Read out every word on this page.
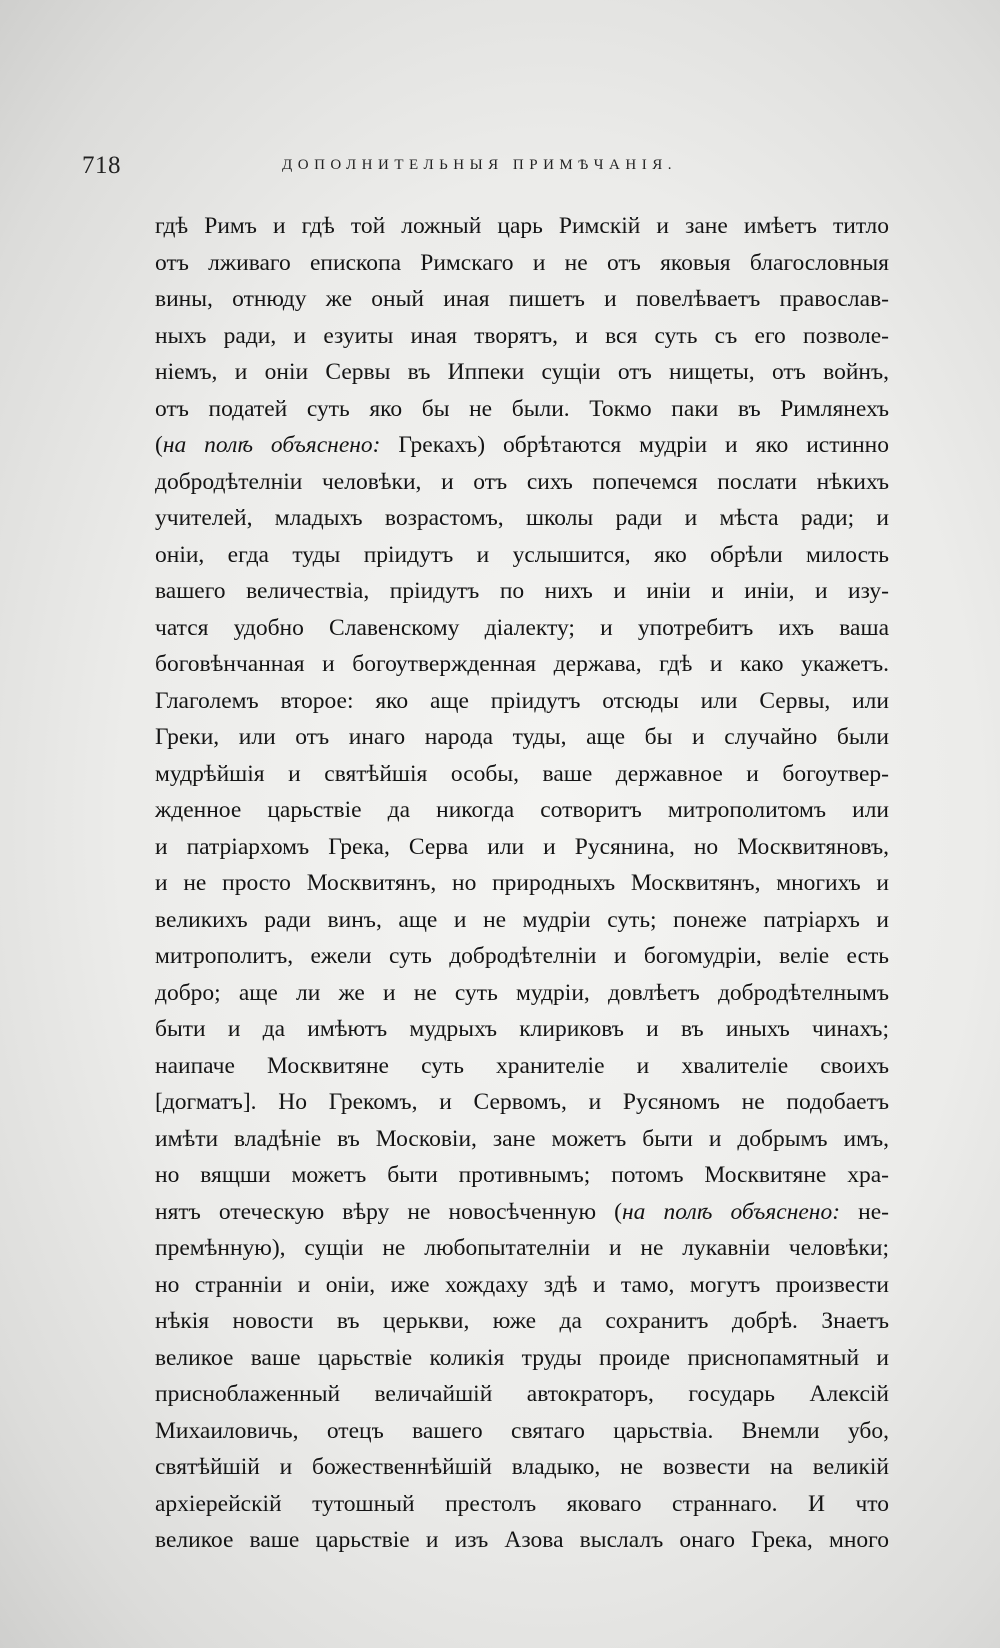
718	ДОПОЛНИТЕЛЬНЫЯ ПРИМѢЧАНІЯ.
гдѣ Римъ и гдѣ той ложный царь Римскій и зане имѣетъ титло
отъ лживаго епископа Римскаго и не отъ яковыя благословныя
вины, отнюду же оный иная пишетъ и повелѣваетъ православ-
ныхъ ради, и езуиты иная творятъ, и вся суть съ его позволе-
ніемъ, и оніи Сервы въ Иппеки сущіи отъ нищеты, отъ войнъ,
отъ податей суть яко бы не были. Токмо паки въ Римлянехъ
(на полѣ объяснено: Грекахъ) обрѣтаются мудріи и яко истинно
добродѣтелніи человѣки, и отъ сихъ попечемся послати нѣкихъ
учителей, младыхъ возрастомъ, школы ради и мѣста ради; и
оніи, егда туды пріидутъ и услышится, яко обрѣли милость
вашего величествіа, пріидутъ по нихъ и иніи и иніи, и изу-
чатся удобно Славенскому діалекту; и употребитъ ихъ ваша
боговѣнчанная и богоутвержденная держава, гдѣ и како укажетъ.
Глаголемъ второе: яко аще пріидутъ отсюды или Сервы, или
Греки, или отъ инаго народа туды, аще бы и случайно были
мудрѣйшія и святѣйшія особы, ваше державное и богоутвер-
жденное царьствіе да никогда сотворитъ митрополитомъ или
и патріархомъ Грека, Серва или и Русянина, но Москвитяновъ,
и не просто Москвитянъ, но природныхъ Москвитянъ, многихъ и
великихъ ради винъ, аще и не мудріи суть; понеже патріархъ и
митрополитъ, ежели суть добродѣтелніи и богомудріи, веліе есть
добро; аще ли же и не суть мудріи, довлѣетъ добродѣтелнымъ
быти и да имѣютъ мудрыхъ клириковъ и въ иныхъ чинахъ;
наипаче Москвитяне суть хранителіе и хвалителіе своихъ
[догматъ]. Но Грекомъ, и Сервомъ, и Русяномъ не подобаетъ
имѣти владѣніе въ Московіи, зане можетъ быти и добрымъ имъ,
но вящши можетъ быти противнымъ; потомъ Москвитяне хра-
нятъ отеческую вѣру не новосѣченную (на полѣ объяснено: не-
премѣнную), сущіи не любопытателніи и не лукавніи человѣки;
но странніи и оніи, иже хождаху здѣ и тамо, могутъ произвести
нѣкія новости въ церькви, юже да сохранитъ добрѣ. Знаетъ
великое ваше царьствіе коликія труды проиде приснопамятный и
приснoблаженный величайшій автократоръ, государь Алексій
Михаиловичь, отецъ вашего святаго царьствіа. Внемли убо,
святѣйшій и божественнѣйшій владыко, не возвести на великій
архіерейскій тутошный престолъ яковаго страннаго. И что
великое ваше царьствіе и изъ Азова выслалъ онаго Грека, много
